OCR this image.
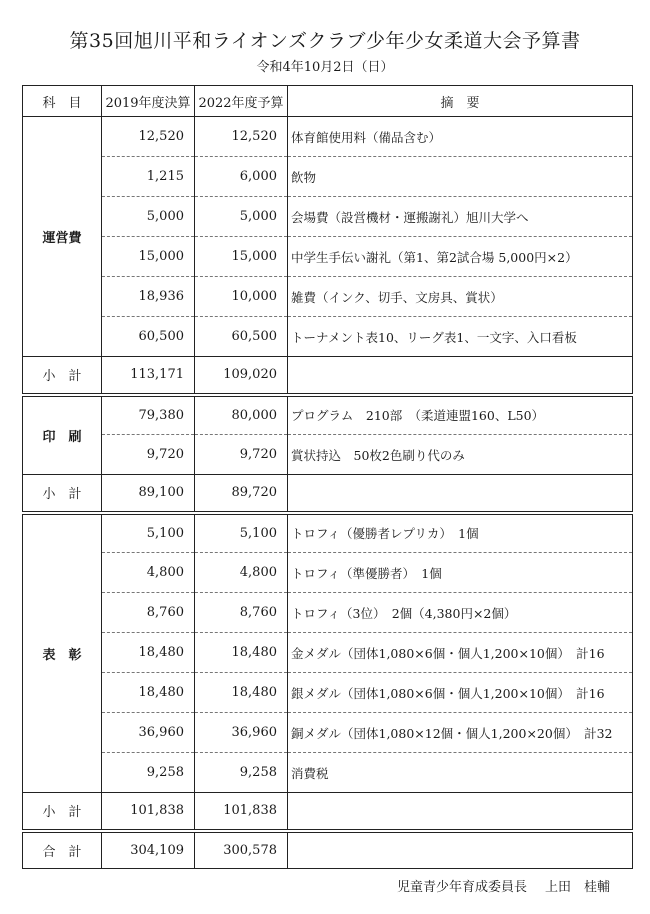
第35回旭川平和ライオンズクラブ少年少女柔道大会予算書
令和4年10月2日（日）
科　目	2019年度決算	2022年度予算	摘　要
運営費	12,520	12,520	体育館使用料（備品含む）
	1,215	6,000	飲物
	5,000	5,000	会場費（設営機材・運搬謝礼）旭川大学へ
	15,000	15,000	中学生手伝い謝礼（第1、第2試合場 5,000円×2）
	18,936	10,000	雑費（インク、切手、文房具、賞状）
	60,500	60,500	トーナメント表10、リーグ表1、一文字、入口看板
小　計	113,171	109,020	
印　刷	79,380	80,000	プログラム　210部　（柔道連盟160、L50）
	9,720	9,720	賞状持込　50枚2色刷り代のみ
小　計	89,100	89,720	
表　彰	5,100	5,100	トロフィ（優勝者レプリカ）　1個
	4,800	4,800	トロフィ（準優勝者）　1個
	8,760	8,760	トロフィ（3位）　2個（4,380円×2個）
	18,480	18,480	金メダル（団体1,080×6個・個人1,200×10個）　計16
	18,480	18,480	銀メダル（団体1,080×6個・個人1,200×10個）　計16
	36,960	36,960	銅メダル（団体1,080×12個・個人1,200×20個）　計32
	9,258	9,258	消費税
小　計	101,838	101,838	
合　計	304,109	300,578	
児童青少年育成委員長 上田　桂輔
